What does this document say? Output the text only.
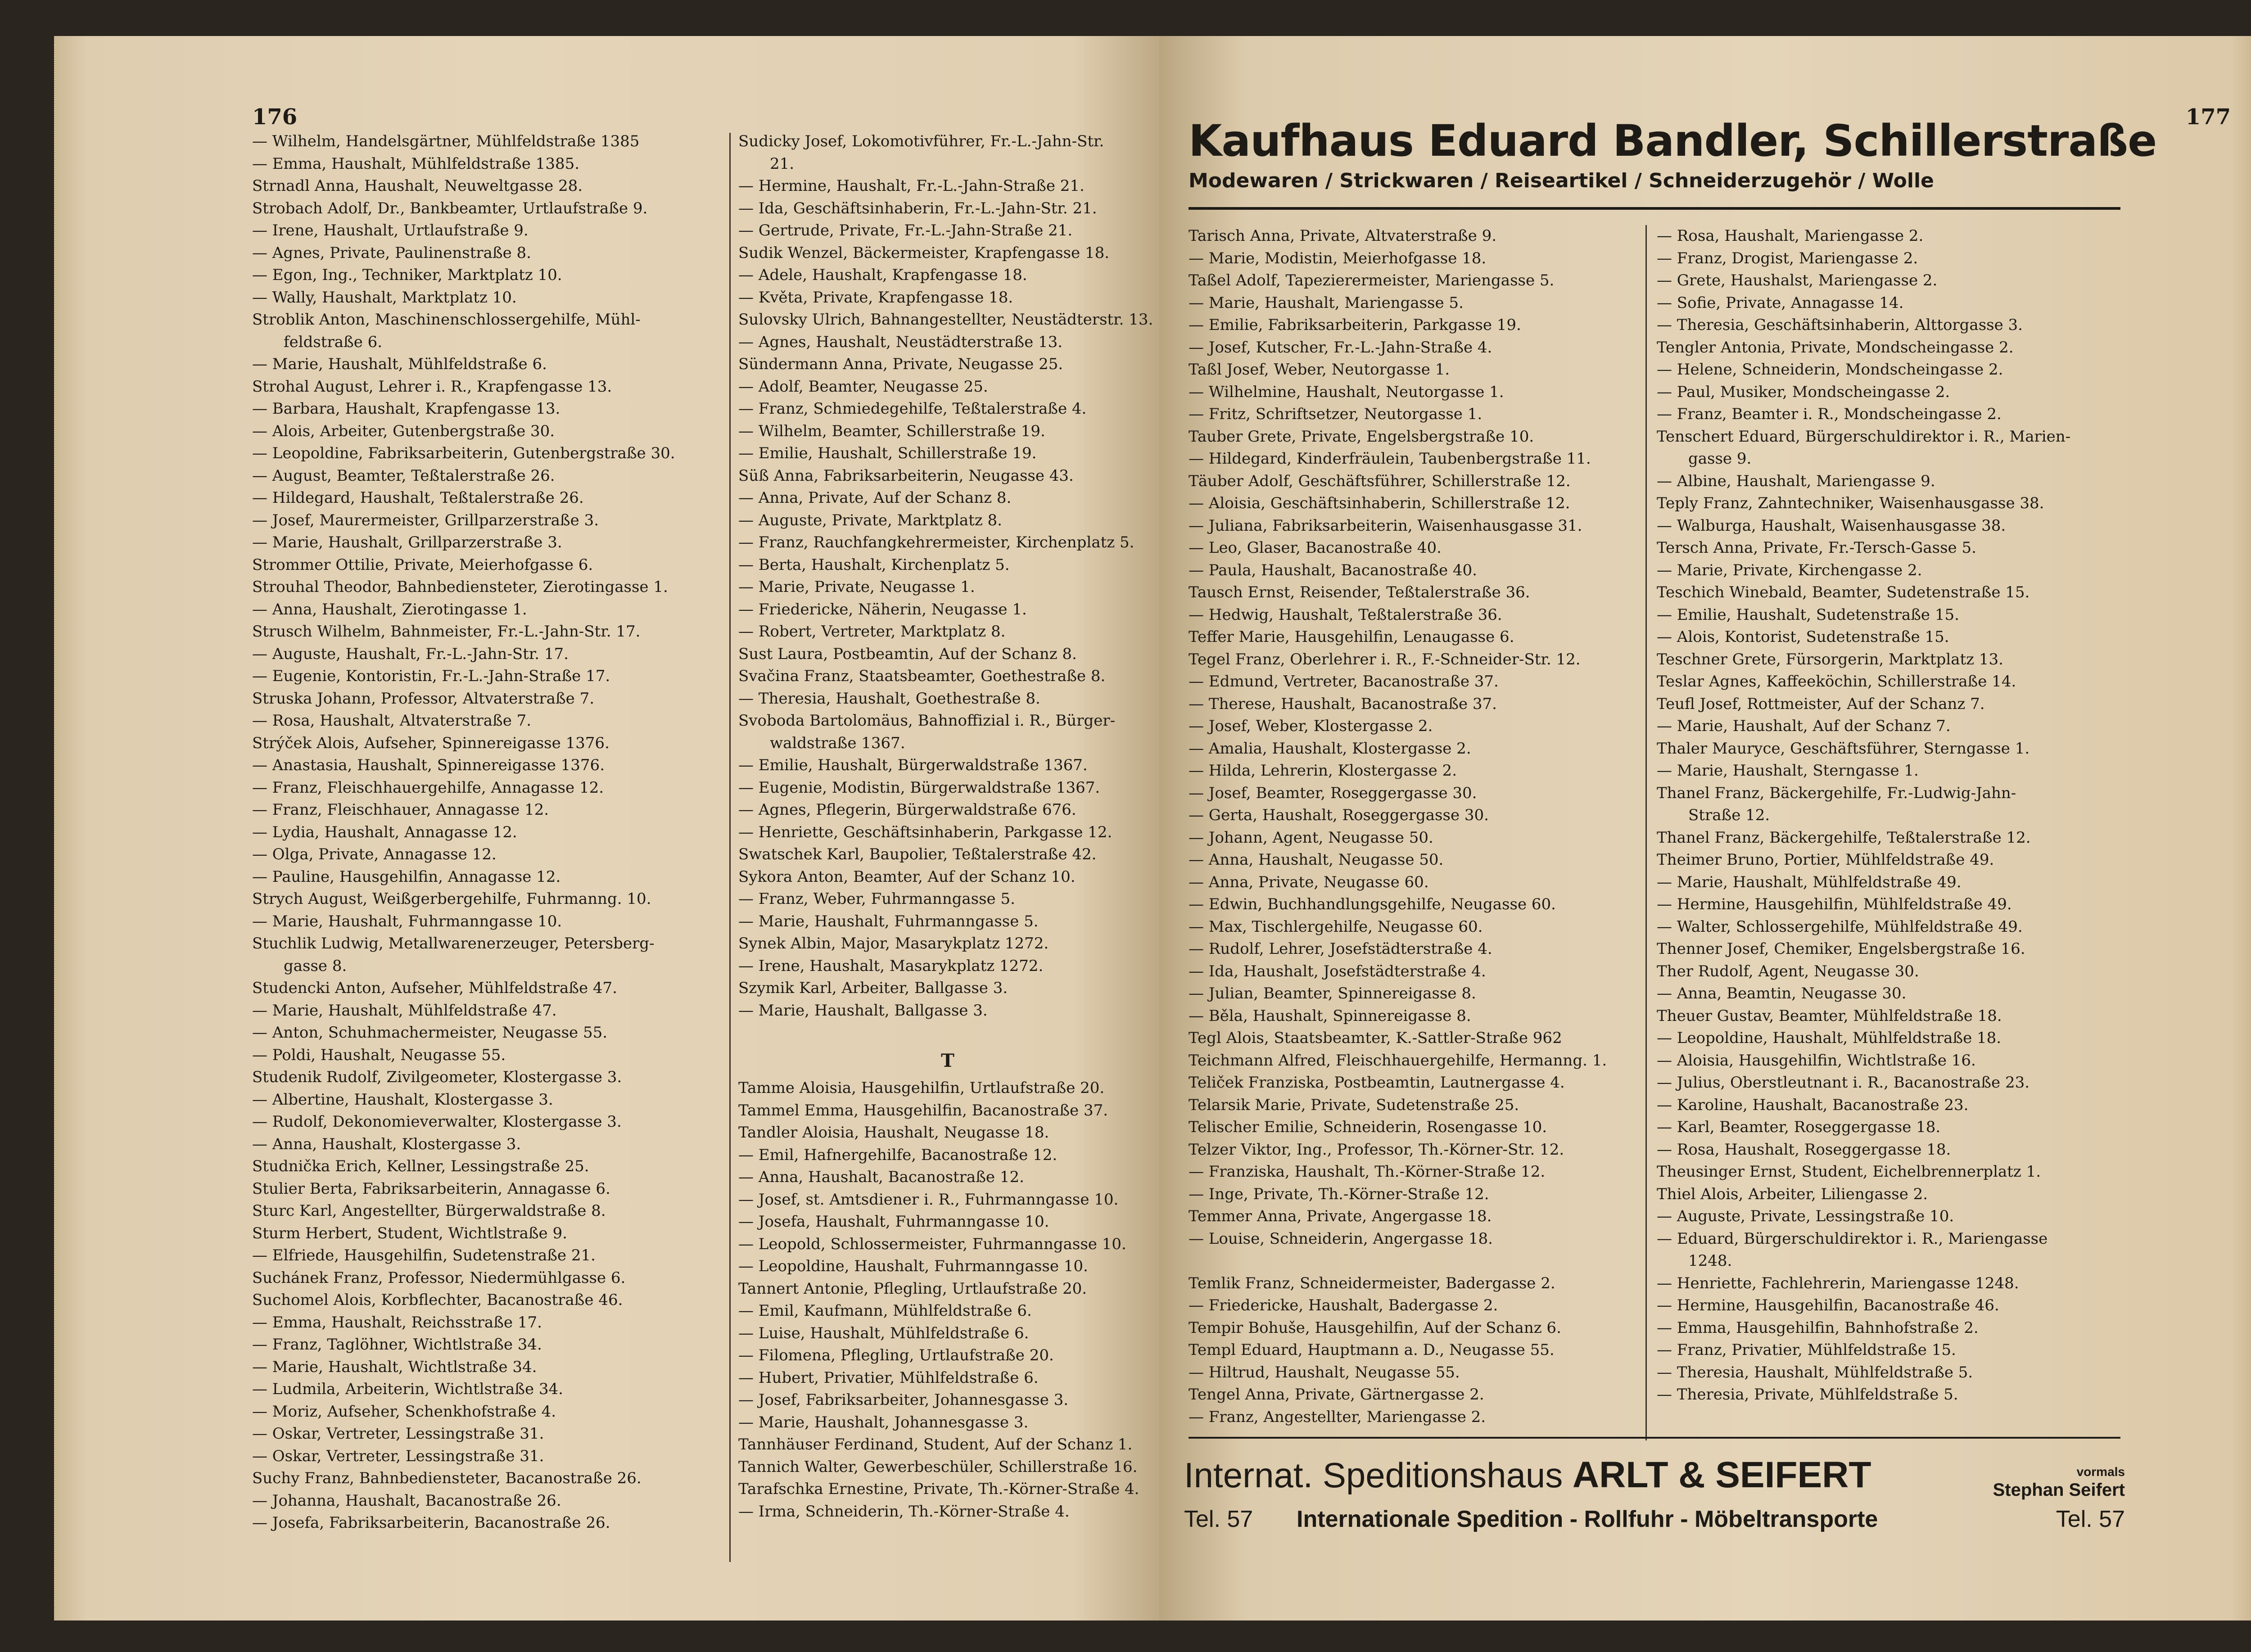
176
— Wilhelm, Handelsgärtner, Mühlfeldstraße 1385
— Emma, Haushalt, Mühlfeldstraße 1385.
Strnadl Anna, Haushalt, Neuweltgasse 28.
Strobach Adolf, Dr., Bankbeamter, Urtlaufstraße 9.
— Irene, Haushalt, Urtlaufstraße 9.
— Agnes, Private, Paulinenstraße 8.
— Egon, Ing., Techniker, Marktplatz 10.
— Wally, Haushalt, Marktplatz 10.
Stroblik Anton, Maschinenschlossergehilfe, Mühl-
feldstraße 6.
— Marie, Haushalt, Mühlfeldstraße 6.
Strohal August, Lehrer i. R., Krapfengasse 13.
— Barbara, Haushalt, Krapfengasse 13.
— Alois, Arbeiter, Gutenbergstraße 30.
— Leopoldine, Fabriksarbeiterin, Gutenbergstraße 30.
— August, Beamter, Teßtalerstraße 26.
— Hildegard, Haushalt, Teßtalerstraße 26.
— Josef, Maurermeister, Grillparzerstraße 3.
— Marie, Haushalt, Grillparzerstraße 3.
Strommer Ottilie, Private, Meierhofgasse 6.
Strouhal Theodor, Bahnbediensteter, Zierotingasse 1.
— Anna, Haushalt, Zierotingasse 1.
Strusch Wilhelm, Bahnmeister, Fr.-L.-Jahn-Str. 17.
— Auguste, Haushalt, Fr.-L.-Jahn-Str. 17.
— Eugenie, Kontoristin, Fr.-L.-Jahn-Straße 17.
Struska Johann, Professor, Altvaterstraße 7.
— Rosa, Haushalt, Altvaterstraße 7.
Strýček Alois, Aufseher, Spinnereigasse 1376.
— Anastasia, Haushalt, Spinnereigasse 1376.
— Franz, Fleischhauergehilfe, Annagasse 12.
— Franz, Fleischhauer, Annagasse 12.
— Lydia, Haushalt, Annagasse 12.
— Olga, Private, Annagasse 12.
— Pauline, Hausgehilfin, Annagasse 12.
Strych August, Weißgerbergehilfe, Fuhrmanng. 10.
— Marie, Haushalt, Fuhrmanngasse 10.
Stuchlik Ludwig, Metallwarenerzeuger, Petersberg-
gasse 8.
Studencki Anton, Aufseher, Mühlfeldstraße 47.
— Marie, Haushalt, Mühlfeldstraße 47.
— Anton, Schuhmachermeister, Neugasse 55.
— Poldi, Haushalt, Neugasse 55.
Studenik Rudolf, Zivilgeometer, Klostergasse 3.
— Albertine, Haushalt, Klostergasse 3.
— Rudolf, Dekonomieverwalter, Klostergasse 3.
— Anna, Haushalt, Klostergasse 3.
Studnička Erich, Kellner, Lessingstraße 25.
Stulier Berta, Fabriksarbeiterin, Annagasse 6.
Sturc Karl, Angestellter, Bürgerwaldstraße 8.
Sturm Herbert, Student, Wichtlstraße 9.
— Elfriede, Hausgehilfin, Sudetenstraße 21.
Suchánek Franz, Professor, Niedermühlgasse 6.
Suchomel Alois, Korbflechter, Bacanostraße 46.
— Emma, Haushalt, Reichsstraße 17.
— Franz, Taglöhner, Wichtlstraße 34.
— Marie, Haushalt, Wichtlstraße 34.
— Ludmila, Arbeiterin, Wichtlstraße 34.
— Moriz, Aufseher, Schenkhofstraße 4.
— Oskar, Vertreter, Lessingstraße 31.
— Oskar, Vertreter, Lessingstraße 31.
Suchy Franz, Bahnbediensteter, Bacanostraße 26.
— Johanna, Haushalt, Bacanostraße 26.
— Josefa, Fabriksarbeiterin, Bacanostraße 26.
Sudicky Josef, Lokomotivführer, Fr.-L.-Jahn-Str.
21.
— Hermine, Haushalt, Fr.-L.-Jahn-Straße 21.
— Ida, Geschäftsinhaberin, Fr.-L.-Jahn-Str. 21.
— Gertrude, Private, Fr.-L.-Jahn-Straße 21.
Sudik Wenzel, Bäckermeister, Krapfengasse 18.
— Adele, Haushalt, Krapfengasse 18.
— Květa, Private, Krapfengasse 18.
Sulovsky Ulrich, Bahnangestellter, Neustädterstr. 13.
— Agnes, Haushalt, Neustädterstraße 13.
Sündermann Anna, Private, Neugasse 25.
— Adolf, Beamter, Neugasse 25.
— Franz, Schmiedegehilfe, Teßtalerstraße 4.
— Wilhelm, Beamter, Schillerstraße 19.
— Emilie, Haushalt, Schillerstraße 19.
Süß Anna, Fabriksarbeiterin, Neugasse 43.
— Anna, Private, Auf der Schanz 8.
— Auguste, Private, Marktplatz 8.
— Franz, Rauchfangkehrermeister, Kirchenplatz 5.
— Berta, Haushalt, Kirchenplatz 5.
— Marie, Private, Neugasse 1.
— Friedericke, Näherin, Neugasse 1.
— Robert, Vertreter, Marktplatz 8.
Sust Laura, Postbeamtin, Auf der Schanz 8.
Svačina Franz, Staatsbeamter, Goethestraße 8.
— Theresia, Haushalt, Goethestraße 8.
Svoboda Bartolomäus, Bahnoffizial i. R., Bürger-
waldstraße 1367.
— Emilie, Haushalt, Bürgerwaldstraße 1367.
— Eugenie, Modistin, Bürgerwaldstraße 1367.
— Agnes, Pflegerin, Bürgerwaldstraße 676.
— Henriette, Geschäftsinhaberin, Parkgasse 12.
Swatschek Karl, Baupolier, Teßtalerstraße 42.
Sykora Anton, Beamter, Auf der Schanz 10.
— Franz, Weber, Fuhrmanngasse 5.
— Marie, Haushalt, Fuhrmanngasse 5.
Synek Albin, Major, Masarykplatz 1272.
— Irene, Haushalt, Masarykplatz 1272.
Szymik Karl, Arbeiter, Ballgasse 3.
— Marie, Haushalt, Ballgasse 3.

T
Tamme Aloisia, Hausgehilfin, Urtlaufstraße 20.
Tammel Emma, Hausgehilfin, Bacanostraße 37.
Tandler Aloisia, Haushalt, Neugasse 18.
— Emil, Hafnergehilfe, Bacanostraße 12.
— Anna, Haushalt, Bacanostraße 12.
— Josef, st. Amtsdiener i. R., Fuhrmanngasse 10.
— Josefa, Haushalt, Fuhrmanngasse 10.
— Leopold, Schlossermeister, Fuhrmanngasse 10.
— Leopoldine, Haushalt, Fuhrmanngasse 10.
Tannert Antonie, Pflegling, Urtlaufstraße 20.
— Emil, Kaufmann, Mühlfeldstraße 6.
— Luise, Haushalt, Mühlfeldstraße 6.
— Filomena, Pflegling, Urtlaufstraße 20.
— Hubert, Privatier, Mühlfeldstraße 6.
— Josef, Fabriksarbeiter, Johannesgasse 3.
— Marie, Haushalt, Johannesgasse 3.
Tannhäuser Ferdinand, Student, Auf der Schanz 1.
Tannich Walter, Gewerbeschüler, Schillerstraße 16.
Tarafschka Ernestine, Private, Th.-Körner-Straße 4.
— Irma, Schneiderin, Th.-Körner-Straße 4.
177
Kaufhaus Eduard Bandler, Schillerstraße
Modewaren / Strickwaren / Reiseartikel / Schneiderzugehör / Wolle
Tarisch Anna, Private, Altvaterstraße 9.
— Marie, Modistin, Meierhofgasse 18.
Taßel Adolf, Tapezierermeister, Mariengasse 5.
— Marie, Haushalt, Mariengasse 5.
— Emilie, Fabriksarbeiterin, Parkgasse 19.
— Josef, Kutscher, Fr.-L.-Jahn-Straße 4.
Taßl Josef, Weber, Neutorgasse 1.
— Wilhelmine, Haushalt, Neutorgasse 1.
— Fritz, Schriftsetzer, Neutorgasse 1.
Tauber Grete, Private, Engelsbergstraße 10.
— Hildegard, Kinderfräulein, Taubenbergstraße 11.
Täuber Adolf, Geschäftsführer, Schillerstraße 12.
— Aloisia, Geschäftsinhaberin, Schillerstraße 12.
— Juliana, Fabriksarbeiterin, Waisenhausgasse 31.
— Leo, Glaser, Bacanostraße 40.
— Paula, Haushalt, Bacanostraße 40.
Tausch Ernst, Reisender, Teßtalerstraße 36.
— Hedwig, Haushalt, Teßtalerstraße 36.
Teffer Marie, Hausgehilfin, Lenaugasse 6.
Tegel Franz, Oberlehrer i. R., F.-Schneider-Str. 12.
— Edmund, Vertreter, Bacanostraße 37.
— Therese, Haushalt, Bacanostraße 37.
— Josef, Weber, Klostergasse 2.
— Amalia, Haushalt, Klostergasse 2.
— Hilda, Lehrerin, Klostergasse 2.
— Josef, Beamter, Roseggergasse 30.
— Gerta, Haushalt, Roseggergasse 30.
— Johann, Agent, Neugasse 50.
— Anna, Haushalt, Neugasse 50.
— Anna, Private, Neugasse 60.
— Edwin, Buchhandlungsgehilfe, Neugasse 60.
— Max, Tischlergehilfe, Neugasse 60.
— Rudolf, Lehrer, Josefstädterstraße 4.
— Ida, Haushalt, Josefstädterstraße 4.
— Julian, Beamter, Spinnereigasse 8.
— Běla, Haushalt, Spinnereigasse 8.
Tegl Alois, Staatsbeamter, K.-Sattler-Straße 962
Teichmann Alfred, Fleischhauergehilfe, Hermanng. 1.
Teliček Franziska, Postbeamtin, Lautnergasse 4.
Telarsik Marie, Private, Sudetenstraße 25.
Telischer Emilie, Schneiderin, Rosengasse 10.
Telzer Viktor, Ing., Professor, Th.-Körner-Str. 12.
— Franziska, Haushalt, Th.-Körner-Straße 12.
— Inge, Private, Th.-Körner-Straße 12.
Temmer Anna, Private, Angergasse 18.
— Louise, Schneiderin, Angergasse 18.

Temlik Franz, Schneidermeister, Badergasse 2.
— Friedericke, Haushalt, Badergasse 2.
Tempir Bohuše, Hausgehilfin, Auf der Schanz 6.
Templ Eduard, Hauptmann a. D., Neugasse 55.
— Hiltrud, Haushalt, Neugasse 55.
Tengel Anna, Private, Gärtnergasse 2.
— Franz, Angestellter, Mariengasse 2.
— Rosa, Haushalt, Mariengasse 2.
— Franz, Drogist, Mariengasse 2.
— Grete, Haushalst, Mariengasse 2.
— Sofie, Private, Annagasse 14.
— Theresia, Geschäftsinhaberin, Alttorgasse 3.
Tengler Antonia, Private, Mondscheingasse 2.
— Helene, Schneiderin, Mondscheingasse 2.
— Paul, Musiker, Mondscheingasse 2.
— Franz, Beamter i. R., Mondscheingasse 2.
Tenschert Eduard, Bürgerschuldirektor i. R., Marien-
gasse 9.
— Albine, Haushalt, Mariengasse 9.
Teply Franz, Zahntechniker, Waisenhausgasse 38.
— Walburga, Haushalt, Waisenhausgasse 38.
Tersch Anna, Private, Fr.-Tersch-Gasse 5.
— Marie, Private, Kirchengasse 2.
Teschich Winebald, Beamter, Sudetenstraße 15.
— Emilie, Haushalt, Sudetenstraße 15.
— Alois, Kontorist, Sudetenstraße 15.
Teschner Grete, Fürsorgerin, Marktplatz 13.
Teslar Agnes, Kaffeeköchin, Schillerstraße 14.
Teufl Josef, Rottmeister, Auf der Schanz 7.
— Marie, Haushalt, Auf der Schanz 7.
Thaler Mauryce, Geschäftsführer, Sterngasse 1.
— Marie, Haushalt, Sterngasse 1.
Thanel Franz, Bäckergehilfe, Fr.-Ludwig-Jahn-
Straße 12.
Thanel Franz, Bäckergehilfe, Teßtalerstraße 12.
Theimer Bruno, Portier, Mühlfeldstraße 49.
— Marie, Haushalt, Mühlfeldstraße 49.
— Hermine, Hausgehilfin, Mühlfeldstraße 49.
— Walter, Schlossergehilfe, Mühlfeldstraße 49.
Thenner Josef, Chemiker, Engelsbergstraße 16.
Ther Rudolf, Agent, Neugasse 30.
— Anna, Beamtin, Neugasse 30.
Theuer Gustav, Beamter, Mühlfeldstraße 18.
— Leopoldine, Haushalt, Mühlfeldstraße 18.
— Aloisia, Hausgehilfin, Wichtlstraße 16.
— Julius, Oberstleutnant i. R., Bacanostraße 23.
— Karoline, Haushalt, Bacanostraße 23.
— Karl, Beamter, Roseggergasse 18.
— Rosa, Haushalt, Roseggergasse 18.
Theusinger Ernst, Student, Eichelbrennerplatz 1.
Thiel Alois, Arbeiter, Liliengasse 2.
— Auguste, Private, Lessingstraße 10.
— Eduard, Bürgerschuldirektor i. R., Mariengasse
1248.
— Henriette, Fachlehrerin, Mariengasse 1248.
— Hermine, Hausgehilfin, Bacanostraße 46.
— Emma, Hausgehilfin, Bahnhofstraße 2.
— Franz, Privatier, Mühlfeldstraße 15.
— Theresia, Haushalt, Mühlfeldstraße 5.
— Theresia, Private, Mühlfeldstraße 5.
Internat. Speditionshaus ARLT & SEIFERT	vormals
Stephan Seifert
Tel. 57 Internationale Spedition - Rollfuhr - Möbeltransporte	Tel. 57
